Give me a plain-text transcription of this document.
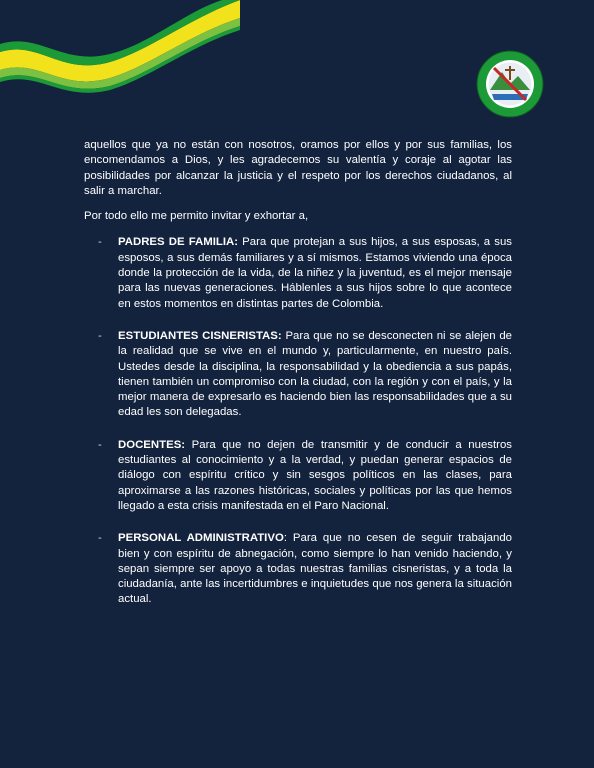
aquellos que ya no están con nosotros, oramos por ellos y por sus familias, los encomendamos a Dios, y les agradecemos su valentía y coraje al agotar las posibilidades por alcanzar la justicia y el respeto por los derechos ciudadanos, al salir a marchar.

Por todo ello me permito invitar y exhortar a,

- PADRES DE FAMILIA: Para que protejan a sus hijos, a sus esposas, a sus esposos, a sus demás familiares y a sí mismos. Estamos viviendo una época donde la protección de la vida, de la niñez y la juventud, es el mejor mensaje para las nuevas generaciones. Háblenles a sus hijos sobre lo que acontece en estos momentos en distintas partes de Colombia.
- ESTUDIANTES CISNERISTAS: Para que no se desconecten ni se alejen de la realidad que se vive en el mundo y, particularmente, en nuestro país. Ustedes desde la disciplina, la responsabilidad y la obediencia a sus papás, tienen también un compromiso con la ciudad, con la región y con el país, y la mejor manera de expresarlo es haciendo bien las responsabilidades que a su edad les son delegadas.
- DOCENTES: Para que no dejen de transmitir y de conducir a nuestros estudiantes al conocimiento y a la verdad, y puedan generar espacios de diálogo con espíritu crítico y sin sesgos políticos en las clases, para aproximarse a las razones históricas, sociales y políticas por las que hemos llegado a esta crisis manifestada en el Paro Nacional.
- PERSONAL ADMINISTRATIVO: Para que no cesen de seguir trabajando bien y con espíritu de abnegación, como siempre lo han venido haciendo, y sepan siempre ser apoyo a todas nuestras familias cisneristas, y a toda la ciudadanía, ante las incertidumbres e inquietudes que nos genera la situación actual.
